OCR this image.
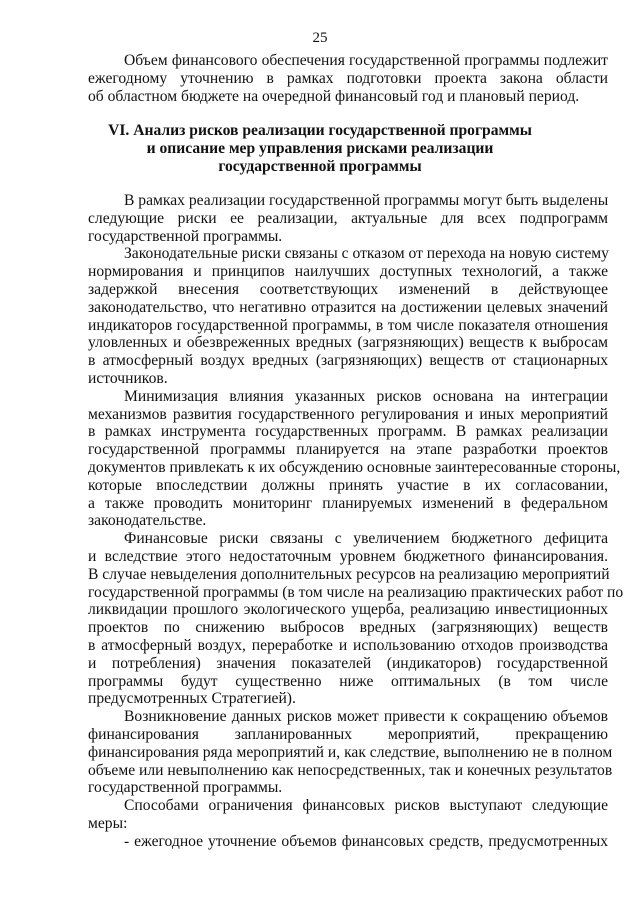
25

Объем финансового обеспечения государственной программы подлежит

ежегодному уточнению в рамках подготовки проекта закона области

об областном бюджете на очередной финансовый год и плановый период.

VI. Анализ рисков реализации государственной программы

и описание мер управления рисками реализации

государственной программы

В рамках реализации государственной программы могут быть выделены

следующие риски ее реализации, актуальные для всех подпрограмм

государственной программы.

Законодательные риски связаны с отказом от перехода на новую систему

нормирования и принципов наилучших доступных технологий, а также

задержкой внесения соответствующих изменений в действующее

законодательство, что негативно отразится на достижении целевых значений

индикаторов государственной программы, в том числе показателя отношения

уловленных и обезвреженных вредных (загрязняющих) веществ к выбросам

в атмосферный воздух вредных (загрязняющих) веществ от стационарных

источников.

Минимизация влияния указанных рисков основана на интеграции

механизмов развития государственного регулирования и иных мероприятий

в рамках инструмента государственных программ. В рамках реализации

государственной программы планируется на этапе разработки проектов

документов привлекать к их обсуждению основные заинтересованные стороны,

которые впоследствии должны принять участие в их согласовании,

а также проводить мониторинг планируемых изменений в федеральном

законодательстве.

Финансовые риски связаны с увеличением бюджетного дефицита

и вследствие этого недостаточным уровнем бюджетного финансирования.

В случае невыделения дополнительных ресурсов на реализацию мероприятий

государственной программы (в том числе на реализацию практических работ по

ликвидации прошлого экологического ущерба, реализацию инвестиционных

проектов по снижению выбросов вредных (загрязняющих) веществ

в атмосферный воздух, переработке и использованию отходов производства

и потребления) значения показателей (индикаторов) государственной

программы будут существенно ниже оптимальных (в том числе

предусмотренных Стратегией).

Возникновение данных рисков может привести к сокращению объемов

финансирования запланированных мероприятий, прекращению

финансирования ряда мероприятий и, как следствие, выполнению не в полном

объеме или невыполнению как непосредственных, так и конечных результатов

государственной программы.

Способами ограничения финансовых рисков выступают следующие

меры:

- ежегодное уточнение объемов финансовых средств, предусмотренных
